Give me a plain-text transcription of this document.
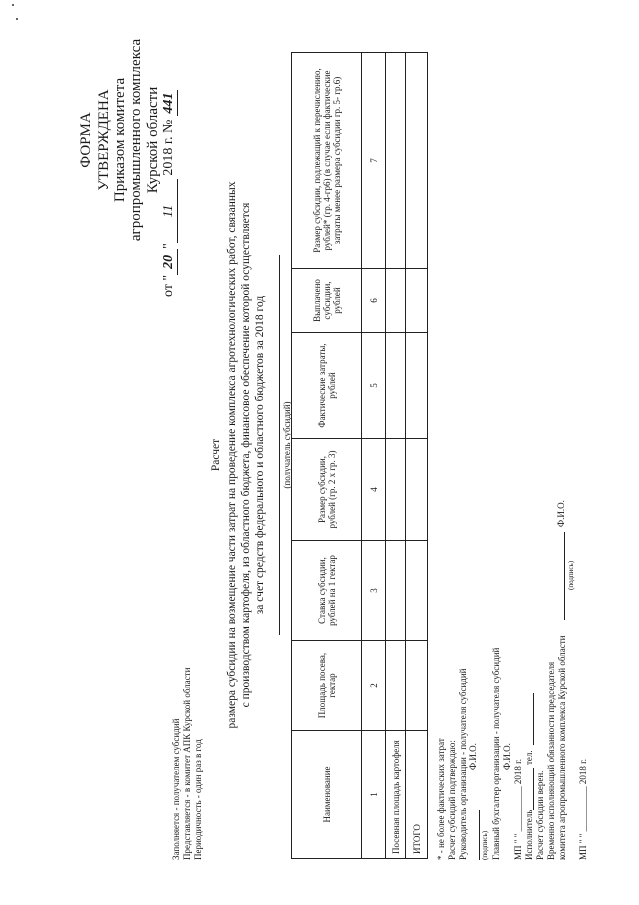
ФОРМА УТВЕРЖДЕНА Приказом комитета агропромышленного комплекса Курской области
от "20"11 2018 г. № 441
Заполняется - получателем субсидий Представляется - в комитет АПК Курской области Периодичность - один раз в год
Расчет размера субсидии на возмещение части затрат на проведение комплекса агротехнологических работ, связанных с производством картофеля, из областного бюджета, финансовое обеспечение которой осуществляется за счет средств федерального и областного бюджетов за 2018 год (получатель субсидий)
Наименование	Площадь посева, гектар	Ставка субсидии, рублей на 1 гектар	Размер субсидии, рублей (гр. 2 х гр. 3)	Фактические затраты, рублей	Выплачено субсидии, рублей	Размер субсидии, подлежащий к перечислению, рублей* (гр. 4-гр6) (в случае если фактические затраты менее размера субсидии гр. 5- гр.6)
1	2	3	4	5	6	7
Посевная площадь картофеля						
ИТОГО						* - не более фактических затрат Расчет субсидий подтверждаю: Руководитель организации - получателя субсидий Ф.И.О.
(подпись) Главный бухгалтер организации - получателя субсидий Ф.И.О.
МП " " __________ 2018 г. Исполнитель
тел.
Расчет субсидии верен. Временно исполняющий обязанности председателя комитета агропромышленного комплекса Курской области
Ф.И.О.
(подпись)
МП " " __________ 2018 г.
